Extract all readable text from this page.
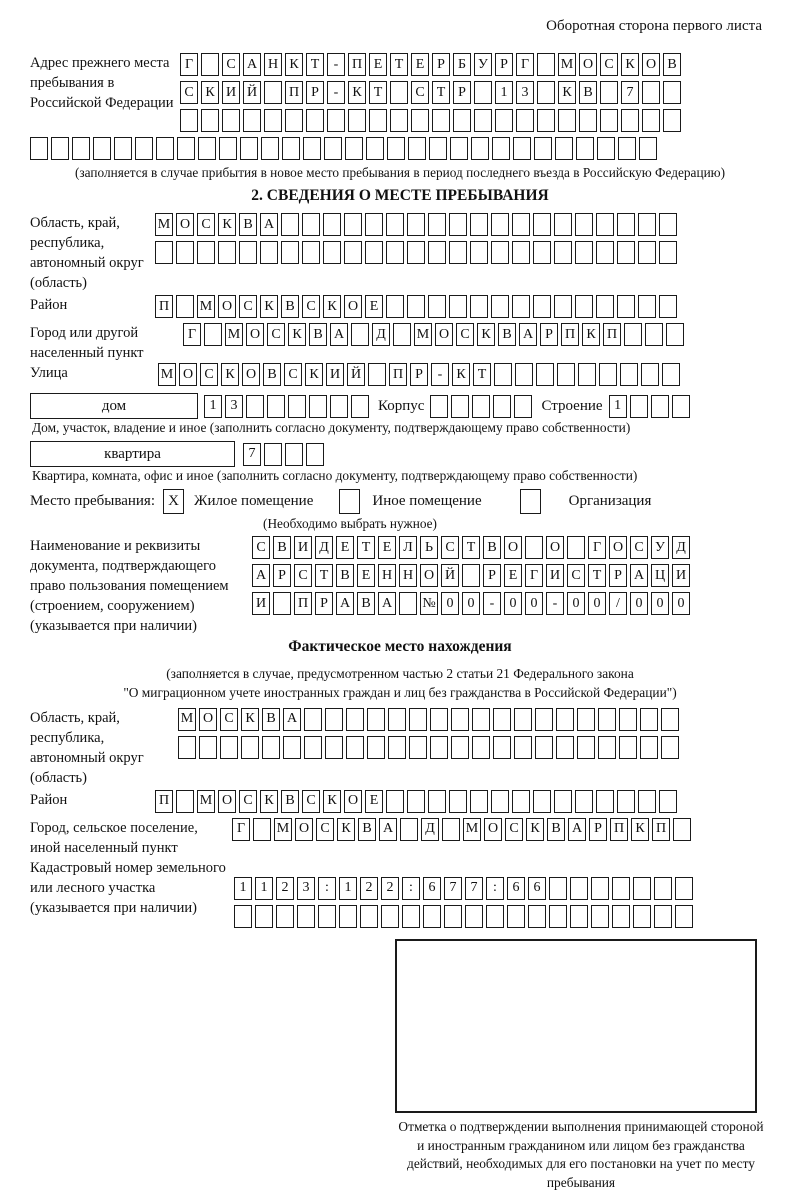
Оборотная сторона первого листа
Адрес прежнего места пребывания в Российской Федерации
Г	С А Н К Т	- П Е Т Е Р Б У Р Г	М О С К О В
С К И Й П Р	-	К Т	С Т Р	1	3	К В	7
(заполняется в случае прибытия в новое место пребывания в период последнего въезда в Российскую Федерацию)
2. СВЕДЕНИЯ О МЕСТЕ ПРЕБЫВАНИЯ
Область, край, республика, автономный округ (область)
М О С К В А
Район	П М О С К В С К О Е
Город или другой населенный пункт
Г	М О С К В А	Д	М О С К В А Р П К П
Улица	М О С К О В С К И Й П Р	-	К Т
дом	1	3	Корпус	Строение 1
Дом, участок, владение и иное (заполнить согласно документу, подтверждающему право собственности)
квартира	7
Квартира, комната, офис и иное (заполнить согласно документу, подтверждающему право собственности)
Место пребывания: X	Жилое помещение	Иное помещение	Организация
(Необходимо выбрать нужное)
Наименование и реквизиты документа, подтверждающего право пользования помещением (строением, сооружением) (указывается при наличии)
С В И Д Е Т Е Л Ь С Т В О О	Г О С У Д
А Р С Т В Е Н Н О Й	Р Е Г И С Т Р А Ц И
И П Р А В А № 0	0	-	0	0	-	0	0	/	0	0	0
Фактическое место нахождения
(заполняется в случае, предусмотренном частью 2 статьи 21 Федерального закона
"О миграционном учете иностранных граждан и лиц без гражданства в Российской Федерации")
Область, край, республика, автономный округ (область)
М О С К В А
Район	П М О С К В С К О Е
Город, сельское поселение, иной населенный пункт
Г	М О С К В А	Д	М О С К В А Р П К П
Кадастровый номер земельного или лесного участка (указывается при наличии)
1	1	2	3	:	1	2	2	:	6	7	7	:	6	6
Отметка о подтверждении выполнения принимающей стороной и иностранным гражданином или лицом без гражданства действий, необходимых для его постановки на учет по месту пребывания
